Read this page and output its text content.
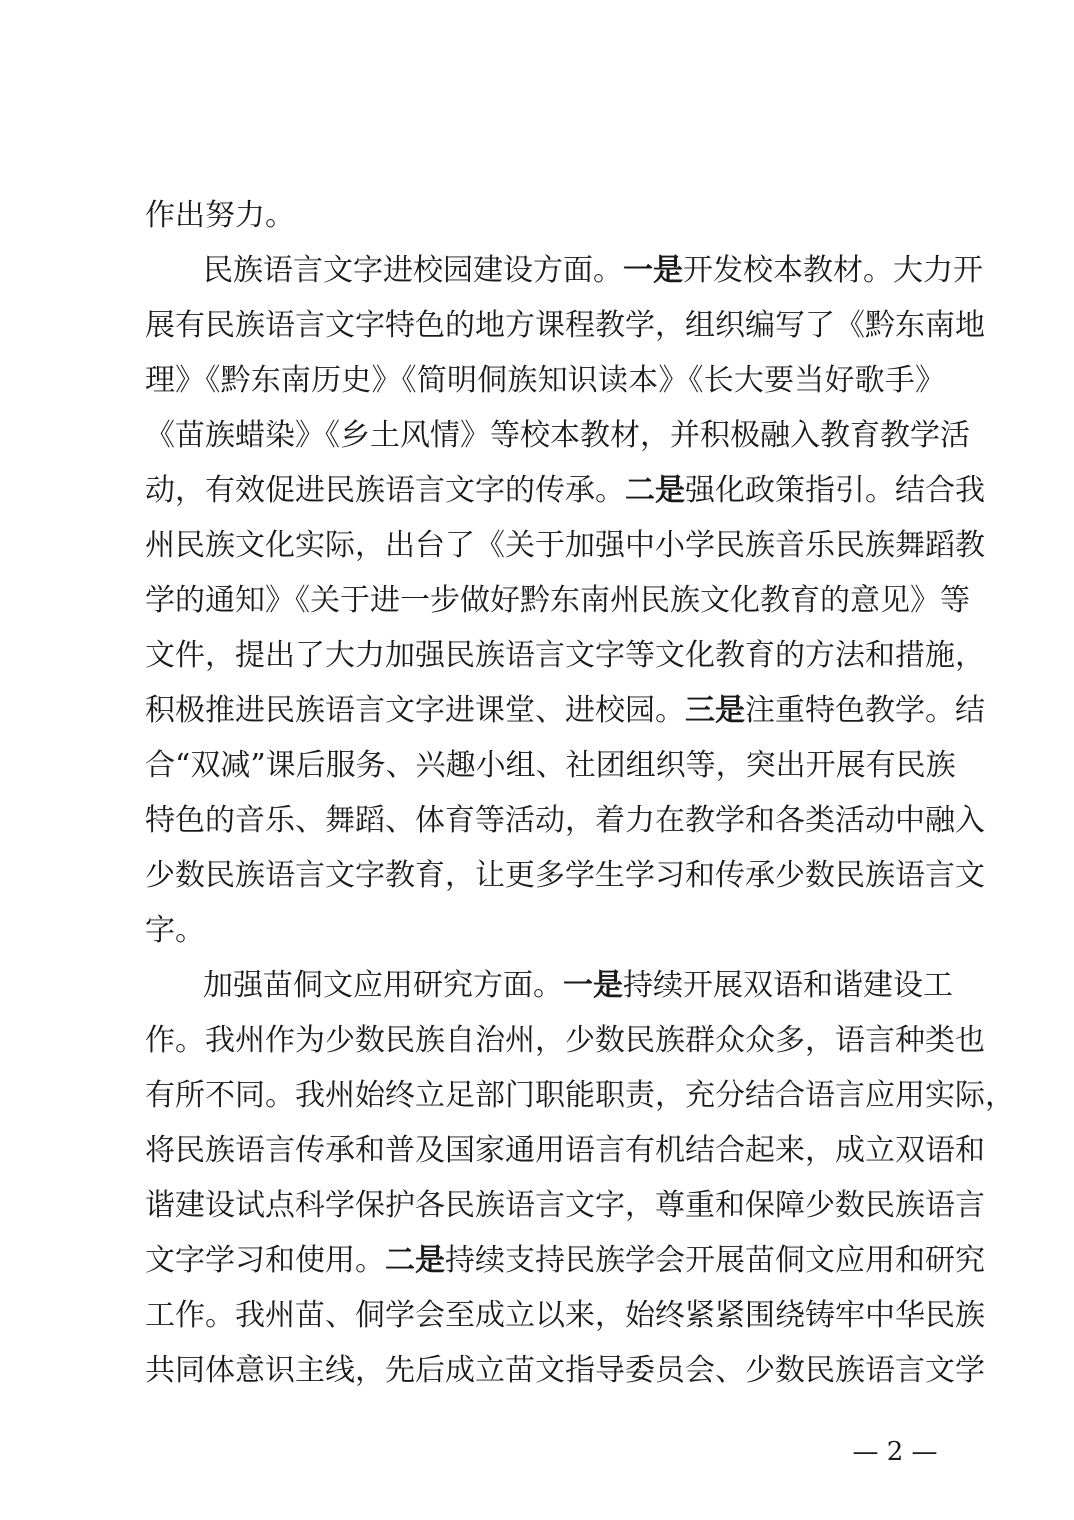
作出努力。
民族语言文字进校园建设方面。一是开发校本教材。大力开
展有民族语言文字特色的地方课程教学，组织编写了《黔东南地
理》《黔东南历史》《简明侗族知识读本》《长大要当好歌手》
《苗族蜡染》《乡土风情》等校本教材，并积极融入教育教学活
动，有效促进民族语言文字的传承。二是强化政策指引。结合我
州民族文化实际，出台了《关于加强中小学民族音乐民族舞蹈教
学的通知》《关于进一步做好黔东南州民族文化教育的意见》等
文件，提出了大力加强民族语言文字等文化教育的方法和措施，
积极推进民族语言文字进课堂、进校园。三是注重特色教学。结
合“双减”课后服务、兴趣小组、社团组织等，突出开展有民族
特色的音乐、舞蹈、体育等活动，着力在教学和各类活动中融入
少数民族语言文字教育，让更多学生学习和传承少数民族语言文
字。
加强苗侗文应用研究方面。一是持续开展双语和谐建设工
作。我州作为少数民族自治州，少数民族群众众多，语言种类也
有所不同。我州始终立足部门职能职责，充分结合语言应用实际，
将民族语言传承和普及国家通用语言有机结合起来，成立双语和
谐建设试点科学保护各民族语言文字，尊重和保障少数民族语言
文字学习和使用。二是持续支持民族学会开展苗侗文应用和研究
工作。我州苗、侗学会至成立以来，始终紧紧围绕铸牢中华民族
共同体意识主线，先后成立苗文指导委员会、少数民族语言文学
— 2 —
